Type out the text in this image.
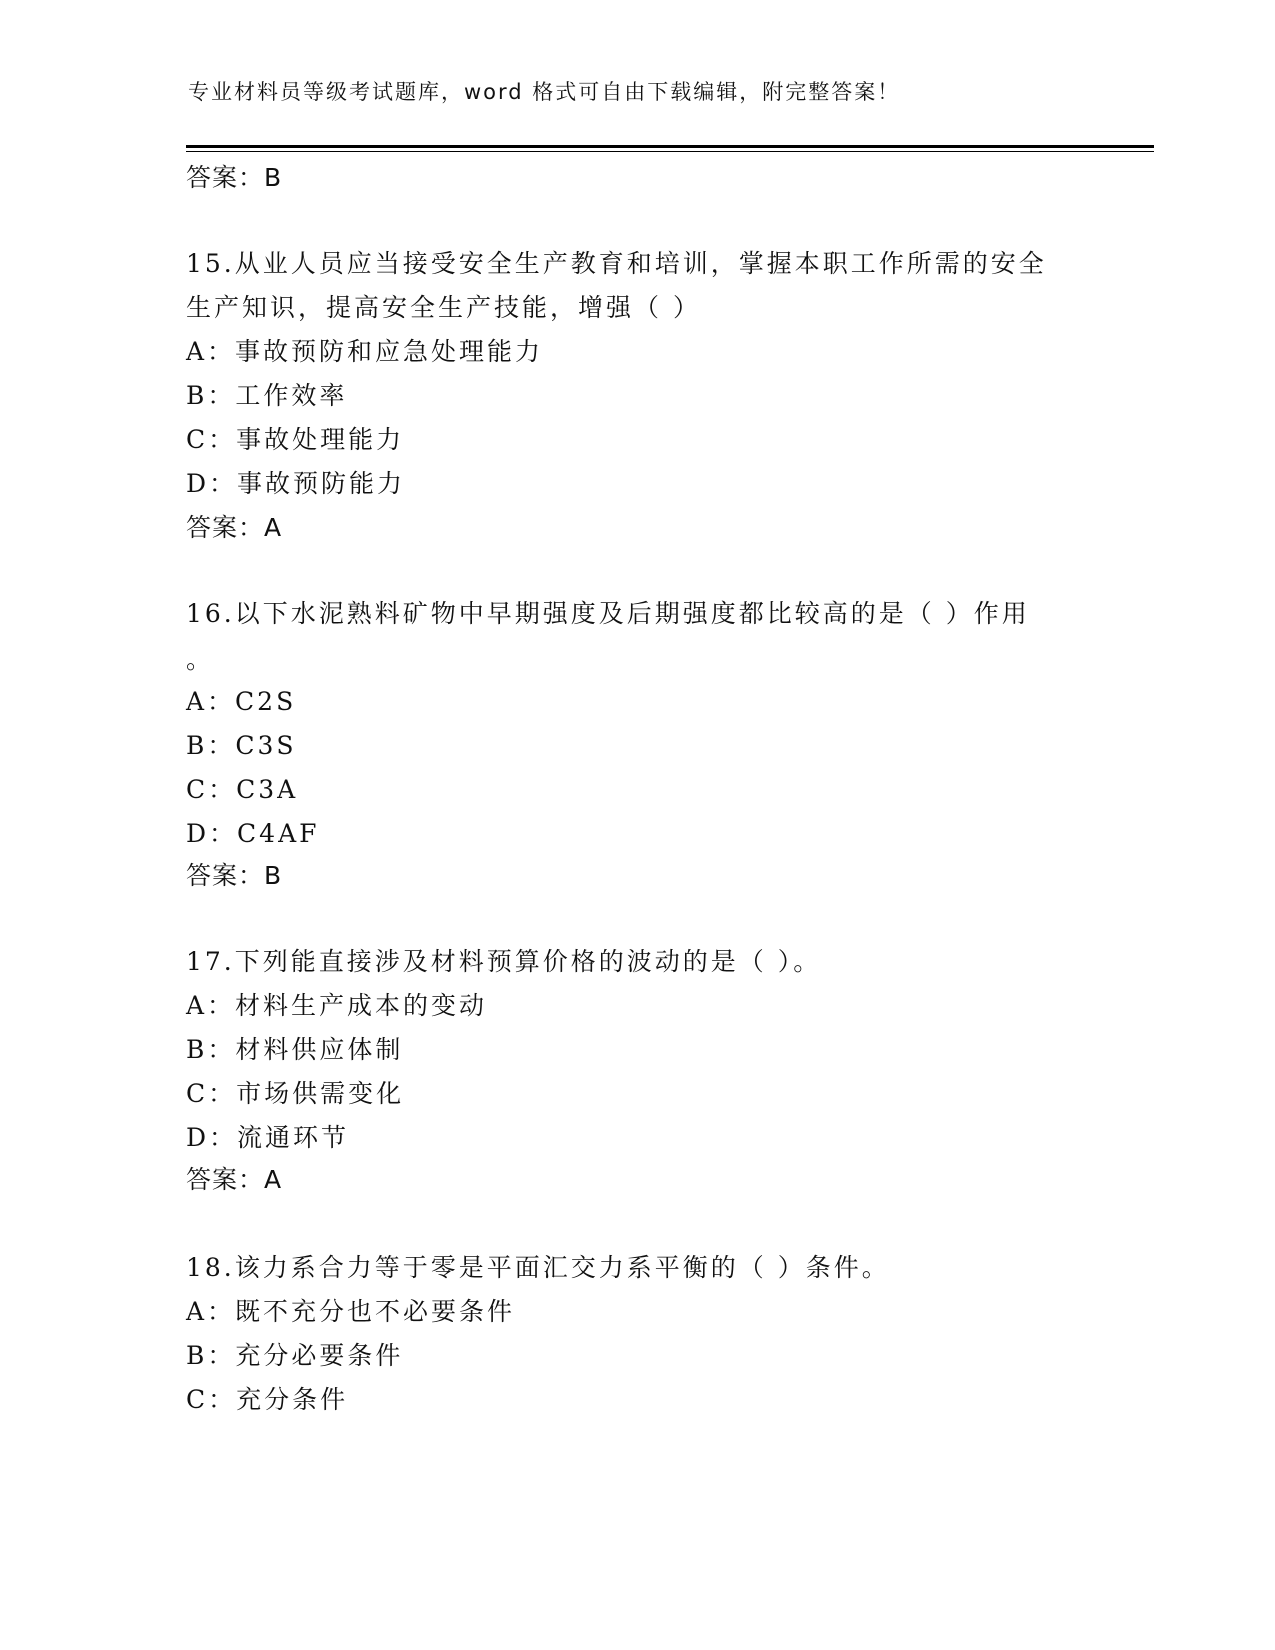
专业材料员等级考试题库，word 格式可自由下载编辑，附完整答案！
答案：B
15.从业人员应当接受安全生产教育和培训，掌握本职工作所需的安全
生产知识，提高安全生产技能，增强（ ）
A：事故预防和应急处理能力
B：工作效率
C：事故处理能力
D：事故预防能力
答案：A
16.以下水泥熟料矿物中早期强度及后期强度都比较高的是（ ）作用
。
A：C2S
B：C3S
C：C3A
D：C4AF
答案：B
17.下列能直接涉及材料预算价格的波动的是（ ）。
A：材料生产成本的变动
B：材料供应体制
C：市场供需变化
D：流通环节
答案：A
18.该力系合力等于零是平面汇交力系平衡的（ ）条件。
A：既不充分也不必要条件
B：充分必要条件
C：充分条件
